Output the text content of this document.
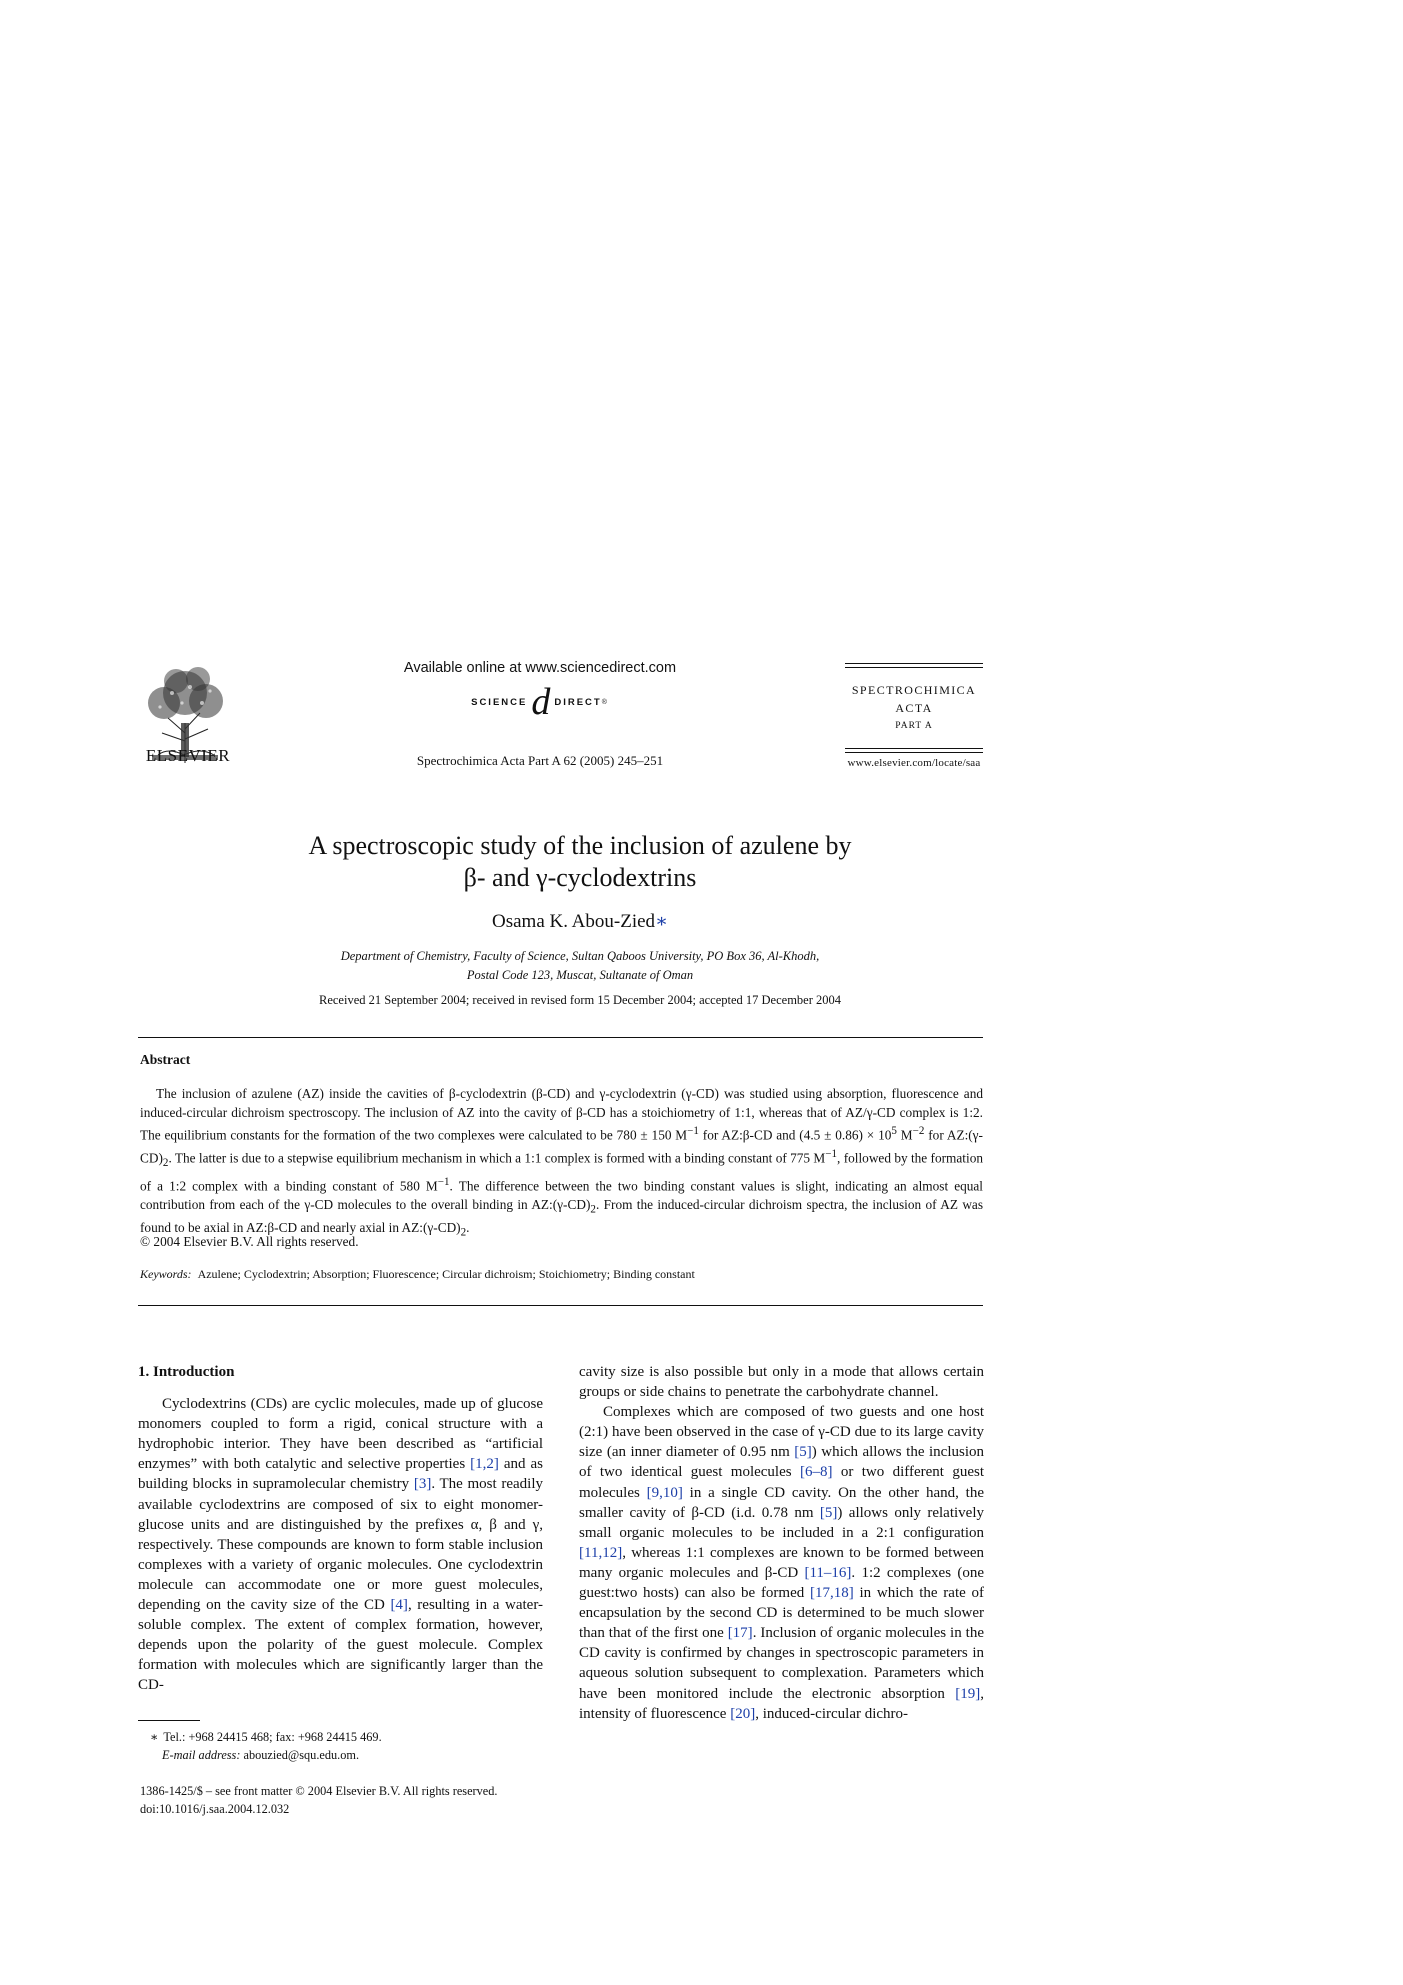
ELSEVIER
Available online at www.sciencedirect.com
SCIENCE d DIRECT ®
Spectrochimica Acta Part A 62 (2005) 245–251
SPECTROCHIMICA
ACTA
PART A
www.elsevier.com/locate/saa
A spectroscopic study of the inclusion of azulene by
β- and γ-cyclodextrins
Osama K. Abou-Zied∗
Department of Chemistry, Faculty of Science, Sultan Qaboos University, PO Box 36, Al-Khodh,
Postal Code 123, Muscat, Sultanate of Oman
Received 21 September 2004; received in revised form 15 December 2004; accepted 17 December 2004
Abstract
The inclusion of azulene (AZ) inside the cavities of β-cyclodextrin (β-CD) and γ-cyclodextrin (γ-CD) was studied using absorption, fluorescence and induced-circular dichroism spectroscopy. The inclusion of AZ into the cavity of β-CD has a stoichiometry of 1:1, whereas that of AZ/γ-CD complex is 1:2. The equilibrium constants for the formation of the two complexes were calculated to be 780 ± 150 $M^{-1}$ for AZ:β-CD and $(4.5 \pm 0.86) \times 10^5$ $M^{-2}$ for $AZ:(\gamma-CD)_2$. The latter is due to a stepwise equilibrium mechanism in which a 1:1 complex is formed with a binding constant of 775 $M^{-1}$, followed by the formation of a 1:2 complex with a binding constant of 580 $M^{-1}$. The difference between the two binding constant values is slight, indicating an almost equal contribution from each of the γ-CD molecules to the overall binding in $AZ:(\gamma-CD)_2$. From the induced-circular dichroism spectra, the inclusion of AZ was found to be axial in AZ:β-CD and nearly axial in $AZ:(\gamma-CD)_2$.
© 2004 Elsevier B.V. All rights reserved.
Keywords: Azulene; Cyclodextrin; Absorption; Fluorescence; Circular dichroism; Stoichiometry; Binding constant
1. Introduction

Cyclodextrins (CDs) are cyclic molecules, made up of glucose monomers coupled to form a rigid, conical structure with a hydrophobic interior. They have been described as “artificial enzymes” with both catalytic and selective properties [1,2] and as building blocks in supramolecular chemistry [3]. The most readily available cyclodextrins are composed of six to eight monomer-glucose units and are distinguished by the prefixes α, β and γ, respectively. These compounds are known to form stable inclusion complexes with a variety of organic molecules. One cyclodextrin molecule can accommodate one or more guest molecules, depending on the cavity size of the CD [4], resulting in a water-soluble complex. The extent of complex formation, however, depends upon the polarity of the guest molecule. Complex formation with molecules which are significantly larger than the CD-

cavity size is also possible but only in a mode that allows certain groups or side chains to penetrate the carbohydrate channel.

Complexes which are composed of two guests and one host (2:1) have been observed in the case of γ-CD due to its large cavity size (an inner diameter of 0.95 nm [5]) which allows the inclusion of two identical guest molecules [6–8] or two different guest molecules [9,10] in a single CD cavity. On the other hand, the smaller cavity of β-CD (i.d. 0.78 nm [5]) allows only relatively small organic molecules to be included in a 2:1 configuration [11,12], whereas 1:1 complexes are known to be formed between many organic molecules and β-CD [11–16]. 1:2 complexes (one guest:two hosts) can also be formed [17,18] in which the rate of encapsulation by the second CD is determined to be much slower than that of the first one [17]. Inclusion of organic molecules in the CD cavity is confirmed by changes in spectroscopic parameters in aqueous solution subsequent to complexation. Parameters which have been monitored include the electronic absorption [19], intensity of fluorescence [20], induced-circular dichro-

∗ Tel.: +968 24415 468; fax: +968 24415 469.
E-mail address: abouzied@squ.edu.om.
1386-1425/$ – see front matter © 2004 Elsevier B.V. All rights reserved.
doi:10.1016/j.saa.2004.12.032
